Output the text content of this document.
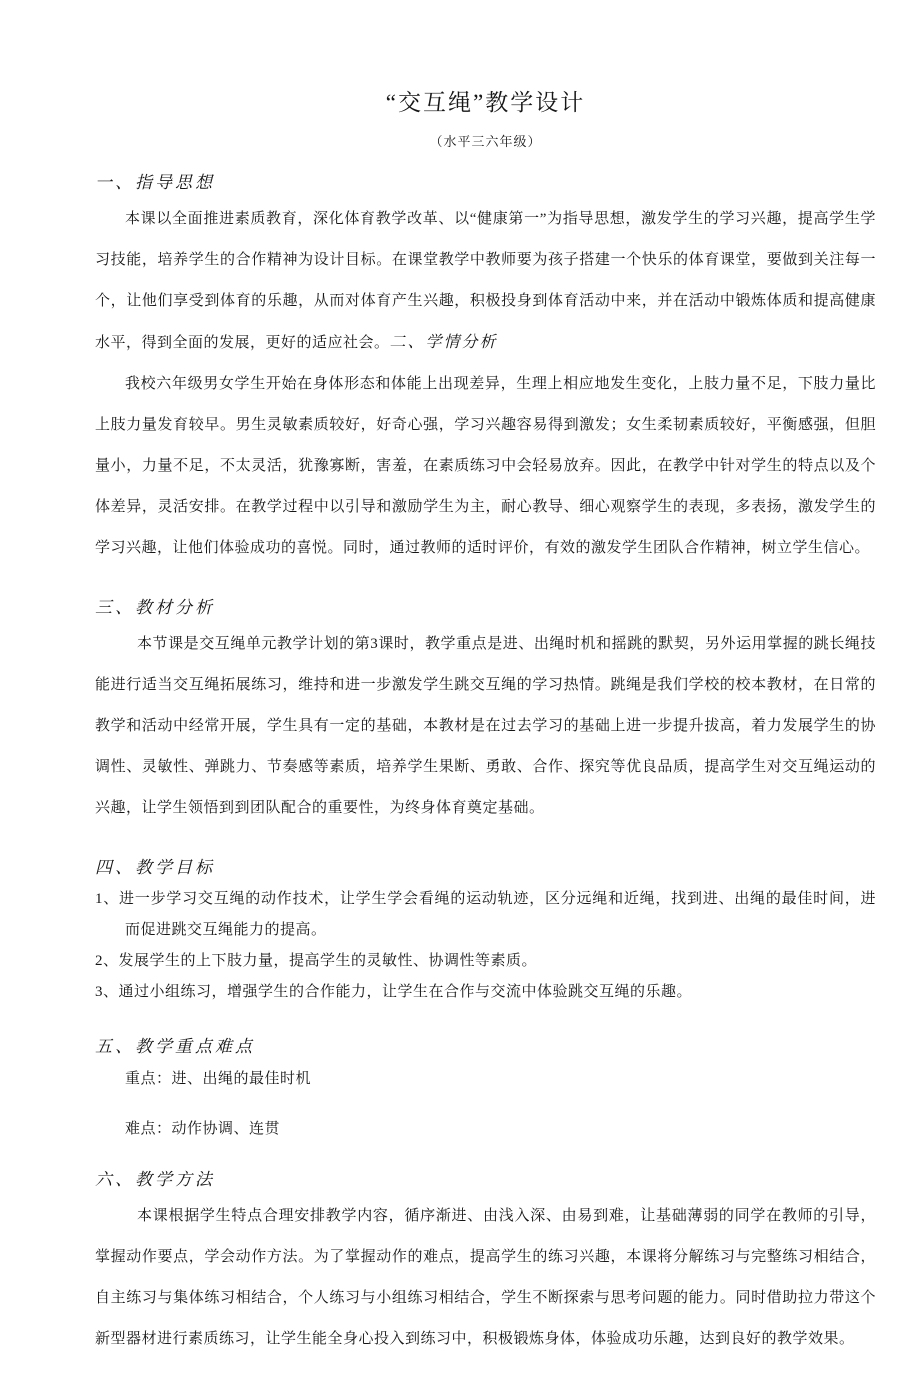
“交互绳”教学设计
（水平三六年级）
一、指导思想

本课以全面推进素质教育，深化体育教学改革、以“健康第一”为指导思想，激发学生的学习兴趣，提高学生学习技能，培养学生的合作精神为设计目标。在课堂教学中教师要为孩子搭建一个快乐的体育课堂，要做到关注每一个，让他们享受到体育的乐趣，从而对体育产生兴趣，积极投身到体育活动中来，并在活动中锻炼体质和提高健康水平，得到全面的发展，更好的适应社会。二、学情分析

我校六年级男女学生开始在身体形态和体能上出现差异，生理上相应地发生变化，上肢力量不足，下肢力量比上肢力量发育较早。男生灵敏素质较好，好奇心强，学习兴趣容易得到激发；女生柔韧素质较好，平衡感强，但胆量小，力量不足，不太灵活，犹豫寡断，害羞，在素质练习中会轻易放弃。因此，在教学中针对学生的特点以及个体差异，灵活安排。在教学过程中以引导和激励学生为主，耐心教导、细心观察学生的表现，多表扬，激发学生的学习兴趣，让他们体验成功的喜悦。同时，通过教师的适时评价，有效的激发学生团队合作精神，树立学生信心。

三、教材分析

本节课是交互绳单元教学计划的第3课时，教学重点是进、出绳时机和摇跳的默契，另外运用掌握的跳长绳技能进行适当交互绳拓展练习，维持和进一步激发学生跳交互绳的学习热情。跳绳是我们学校的校本教材，在日常的教学和活动中经常开展，学生具有一定的基础，本教材是在过去学习的基础上进一步提升拔高，着力发展学生的协调性、灵敏性、弹跳力、节奏感等素质，培养学生果断、勇敢、合作、探究等优良品质，提高学生对交互绳运动的兴趣，让学生领悟到到团队配合的重要性，为终身体育奠定基础。

四、教学目标
1、进一步学习交互绳的动作技术，让学生学会看绳的运动轨迹，区分远绳和近绳，找到进、出绳的最佳时间，进而促进跳交互绳能力的提高。
2、发展学生的上下肢力量，提高学生的灵敏性、协调性等素质。
3、通过小组练习，增强学生的合作能力，让学生在合作与交流中体验跳交互绳的乐趣。
五、教学重点难点

重点：进、出绳的最佳时机

难点：动作协调、连贯

六、教学方法

本课根据学生特点合理安排教学内容，循序渐进、由浅入深、由易到难，让基础薄弱的同学在教师的引导，掌握动作要点，学会动作方法。为了掌握动作的难点，提高学生的练习兴趣，本课将分解练习与完整练习相结合，自主练习与集体练习相结合，个人练习与小组练习相结合，学生不断探索与思考问题的能力。同时借助拉力带这个新型器材进行素质练习，让学生能全身心投入到练习中，积极锻炼身体，体验成功乐趣，达到良好的教学效果。
